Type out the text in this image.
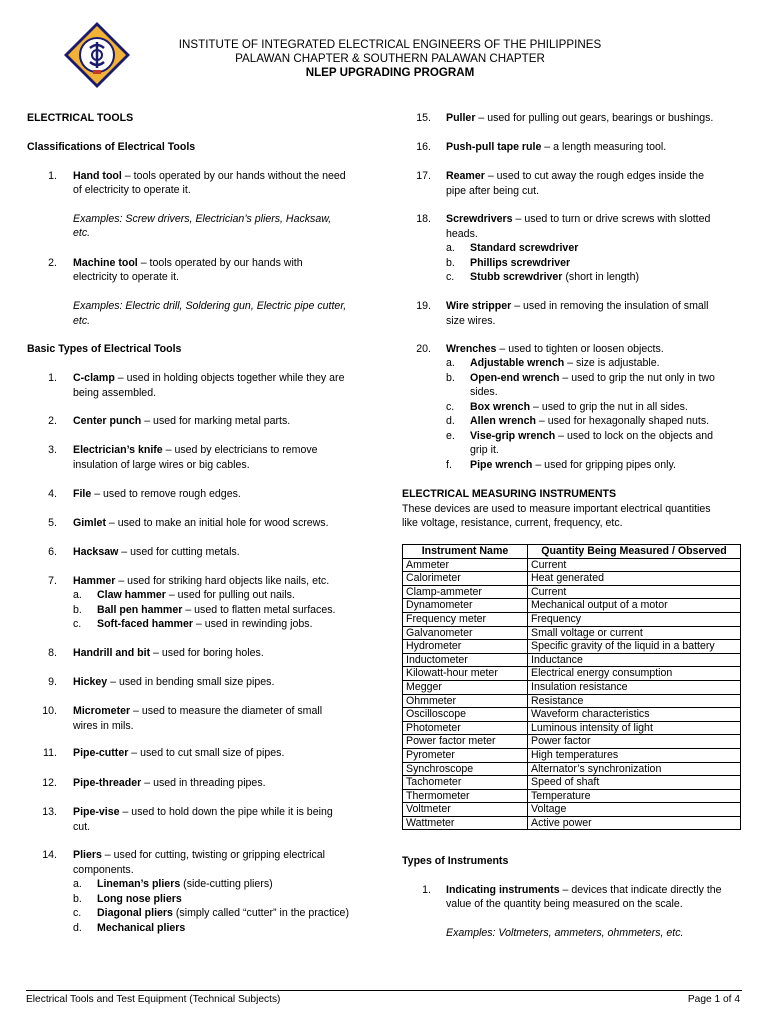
INSTITUTE OF INTEGRATED ELECTRICAL ENGINEERS OF THE PHILIPPINES
PALAWAN CHAPTER & SOUTHERN PALAWAN CHAPTER
NLEP UPGRADING PROGRAM
ELECTRICAL TOOLS
Classifications of Electrical Tools
1. Hand tool – tools operated by our hands without the need
of electricity to operate it.
Examples: Screw drivers, Electrician’s pliers, Hacksaw,
etc.
2. Machine tool – tools operated by our hands with
electricity to operate it.
Examples: Electric drill, Soldering gun, Electric pipe cutter,
etc.
Basic Types of Electrical Tools
1. C-clamp – used in holding objects together while they are
being assembled.
2. Center punch – used for marking metal parts.
3. Electrician’s knife – used by electricians to remove
insulation of large wires or big cables.
4. File – used to remove rough edges.
5. Gimlet – used to make an initial hole for wood screws.
6. Hacksaw – used for cutting metals.
7. Hammer – used for striking hard objects like nails, etc.
8. Handrill and bit – used for boring holes.
9. Hickey – used in bending small size pipes.
10. Micrometer – used to measure the diameter of small
wires in mils.
11. Pipe-cutter – used to cut small size of pipes.
12. Pipe-threader – used in threading pipes.
13. Pipe-vise – used to hold down the pipe while it is being
cut.
14. Pliers – used for cutting, twisting or gripping electrical
components.
a. Claw hammer – used for pulling out nails.
b. Ball pen hammer – used to flatten metal surfaces.
c. Soft-faced hammer – used in rewinding jobs.
a. Lineman’s pliers (side-cutting pliers)
b. Long nose pliers
c. Diagonal pliers (simply called “cutter” in the practice)
d. Mechanical pliers
15. Puller – used for pulling out gears, bearings or bushings.
16. Push-pull tape rule – a length measuring tool.
17. Reamer – used to cut away the rough edges inside the
pipe after being cut.
18. Screwdrivers – used to turn or drive screws with slotted
heads.
19. Wire stripper – used in removing the insulation of small
size wires.
20. Wrenches – used to tighten or loosen objects.
a. Standard screwdriver
b. Phillips screwdriver
c. Stubb screwdriver (short in length)
a. Adjustable wrench – size is adjustable.
b. Open-end wrench – used to grip the nut only in two
sides.
c. Box wrench – used to grip the nut in all sides.
d. Allen wrench – used for hexagonally shaped nuts.
e. Vise-grip wrench – used to lock on the objects and
grip it.
f. Pipe wrench – used for gripping pipes only.
ELECTRICAL MEASURING INSTRUMENTS
These devices are used to measure important electrical quantities
like voltage, resistance, current, frequency, etc.
Instrument Name	Quantity Being Measured / Observed
Ammeter	Current
Calorimeter	Heat generated
Clamp-ammeter	Current
Dynamometer	Mechanical output of a motor
Frequency meter	Frequency
Galvanometer	Small voltage or current
Hydrometer	Specific gravity of the liquid in a battery
Inductometer	Inductance
Kilowatt-hour meter	Electrical energy consumption
Megger	Insulation resistance
Ohmmeter	Resistance
Oscilloscope	Waveform characteristics
Photometer	Luminous intensity of light
Power factor meter	Power factor
Pyrometer	High temperatures
Synchroscope	Alternator’s synchronization
Tachometer	Speed of shaft
Thermometer	Temperature
Voltmeter	Voltage
Wattmeter	Active power
Types of Instruments
1. Indicating instruments – devices that indicate directly the
value of the quantity being measured on the scale.
Examples: Voltmeters, ammeters, ohmmeters, etc.
Electrical Tools and Test Equipment (Technical Subjects)	Page 1 of 4
